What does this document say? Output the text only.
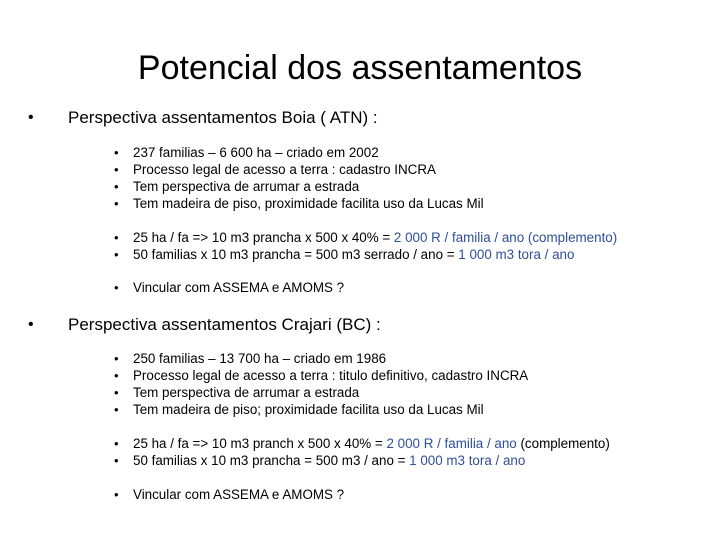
Potencial dos assentamentos
• Perspectiva assentamentos Boia ( ATN) :
• 237 familias – 6 600 ha – criado em 2002
• Processo legal de acesso a terra : cadastro INCRA
• Tem perspectiva de arrumar a estrada
• Tem madeira de piso, proximidade facilita uso da Lucas Mil
• 25 ha / fa => 10 m3 prancha x 500 x 40% = 2 000 R / familia / ano (complemento)
• 50 familias x 10 m3 prancha = 500 m3 serrado / ano = 1 000 m3 tora / ano
• Vincular com ASSEMA e AMOMS ?
• Perspectiva assentamentos Crajari (BC) :
• 250 familias – 13 700 ha – criado em 1986
• Processo legal de acesso a terra : titulo definitivo, cadastro INCRA
• Tem perspectiva de arrumar a estrada
• Tem madeira de piso; proximidade facilita uso da Lucas Mil
• 25 ha / fa => 10 m3 pranch x 500 x 40% = 2 000 R / familia / ano (complemento)
• 50 familias x 10 m3 prancha = 500 m3 / ano = 1 000 m3 tora / ano
• Vincular com ASSEMA e AMOMS ?
